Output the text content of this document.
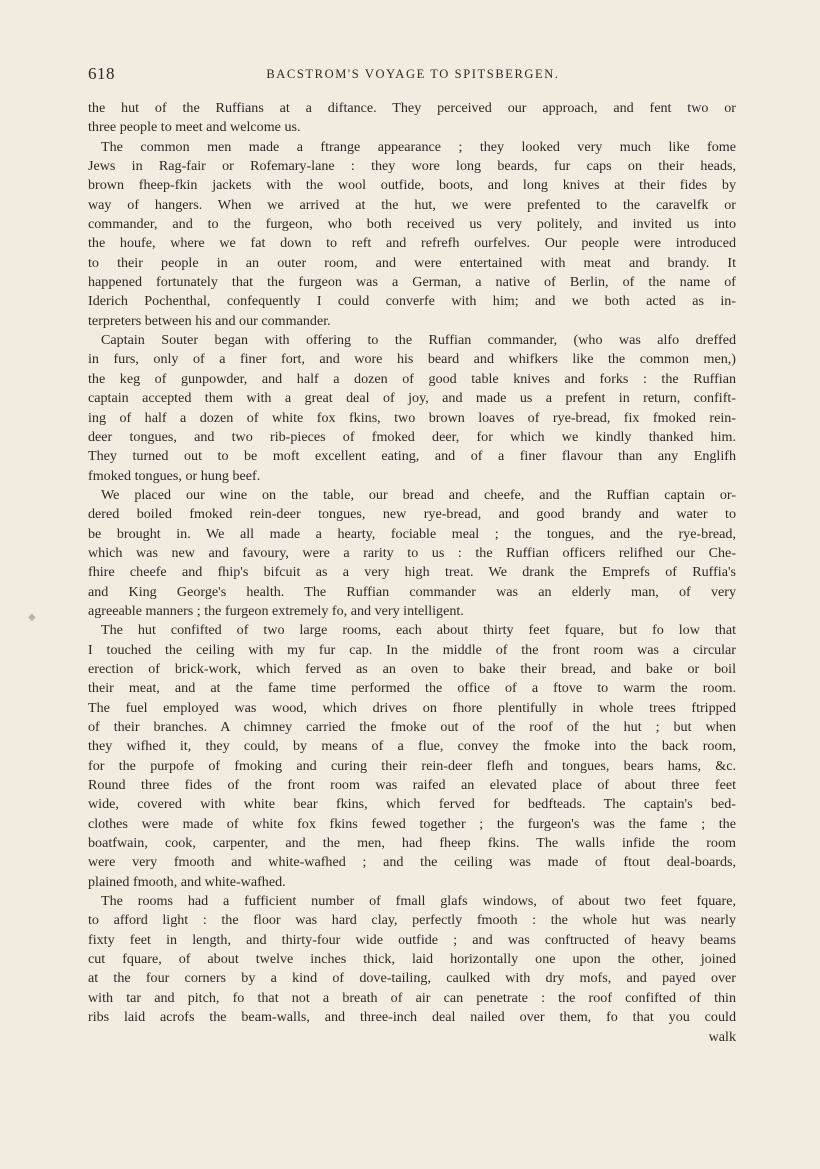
618	BACSTROM'S VOYAGE TO SPITSBERGEN.
◆
the hut of the Ruffians at a diftance. They perceived our approach, and fent two or
three people to meet and welcome us.
The common men made a ftrange appearance ; they looked very much like fome
Jews in Rag-fair or Rofemary-lane : they wore long beards, fur caps on their heads,
brown fheep-fkin jackets with the wool outfide, boots, and long knives at their fides by
way of hangers. When we arrived at the hut, we were prefented to the caravelfk or
commander, and to the furgeon, who both received us very politely, and invited us into
the houfe, where we fat down to reft and refrefh ourfelves. Our people were introduced
to their people in an outer room, and were entertained with meat and brandy. It
happened fortunately that the furgeon was a German, a native of Berlin, of the name of
Iderich Pochenthal, confequently I could converfe with him; and we both acted as in-
terpreters between his and our commander.
Captain Souter began with offering to the Ruffian commander, (who was alfo dreffed
in furs, only of a finer fort, and wore his beard and whifkers like the common men,)
the keg of gunpowder, and half a dozen of good table knives and forks : the Ruffian
captain accepted them with a great deal of joy, and made us a prefent in return, confift-
ing of half a dozen of white fox fkins, two brown loaves of rye-bread, fix fmoked rein-
deer tongues, and two rib-pieces of fmoked deer, for which we kindly thanked him.
They turned out to be moft excellent eating, and of a finer flavour than any Englifh
fmoked tongues, or hung beef.
We placed our wine on the table, our bread and cheefe, and the Ruffian captain or-
dered boiled fmoked rein-deer tongues, new rye-bread, and good brandy and water to
be brought in. We all made a hearty, fociable meal ; the tongues, and the rye-bread,
which was new and favoury, were a rarity to us : the Ruffian officers relifhed our Che-
fhire cheefe and fhip's bifcuit as a very high treat. We drank the Emprefs of Ruffia's
and King George's health. The Ruffian commander was an elderly man, of very
agreeable manners ; the furgeon extremely fo, and very intelligent.
The hut confifted of two large rooms, each about thirty feet fquare, but fo low that
I touched the ceiling with my fur cap. In the middle of the front room was a circular
erection of brick-work, which ferved as an oven to bake their bread, and bake or boil
their meat, and at the fame time performed the office of a ftove to warm the room.
The fuel employed was wood, which drives on fhore plentifully in whole trees ftripped
of their branches. A chimney carried the fmoke out of the roof of the hut ; but when
they wifhed it, they could, by means of a flue, convey the fmoke into the back room,
for the purpofe of fmoking and curing their rein-deer flefh and tongues, bears hams, &c.
Round three fides of the front room was raifed an elevated place of about three feet
wide, covered with white bear fkins, which ferved for bedfteads. The captain's bed-
clothes were made of white fox fkins fewed together ; the furgeon's was the fame ; the
boatfwain, cook, carpenter, and the men, had fheep fkins. The walls infide the room
were very fmooth and white-wafhed ; and the ceiling was made of ftout deal-boards,
plained fmooth, and white-wafhed.
The rooms had a fufficient number of fmall glafs windows, of about two feet fquare,
to afford light : the floor was hard clay, perfectly fmooth : the whole hut was nearly
fixty feet in length, and thirty-four wide outfide ; and was conftructed of heavy beams
cut fquare, of about twelve inches thick, laid horizontally one upon the other, joined
at the four corners by a kind of dove-tailing, caulked with dry mofs, and payed over
with tar and pitch, fo that not a breath of air can penetrate : the roof confifted of thin
ribs laid acrofs the beam-walls, and three-inch deal nailed over them, fo that you could
walk
